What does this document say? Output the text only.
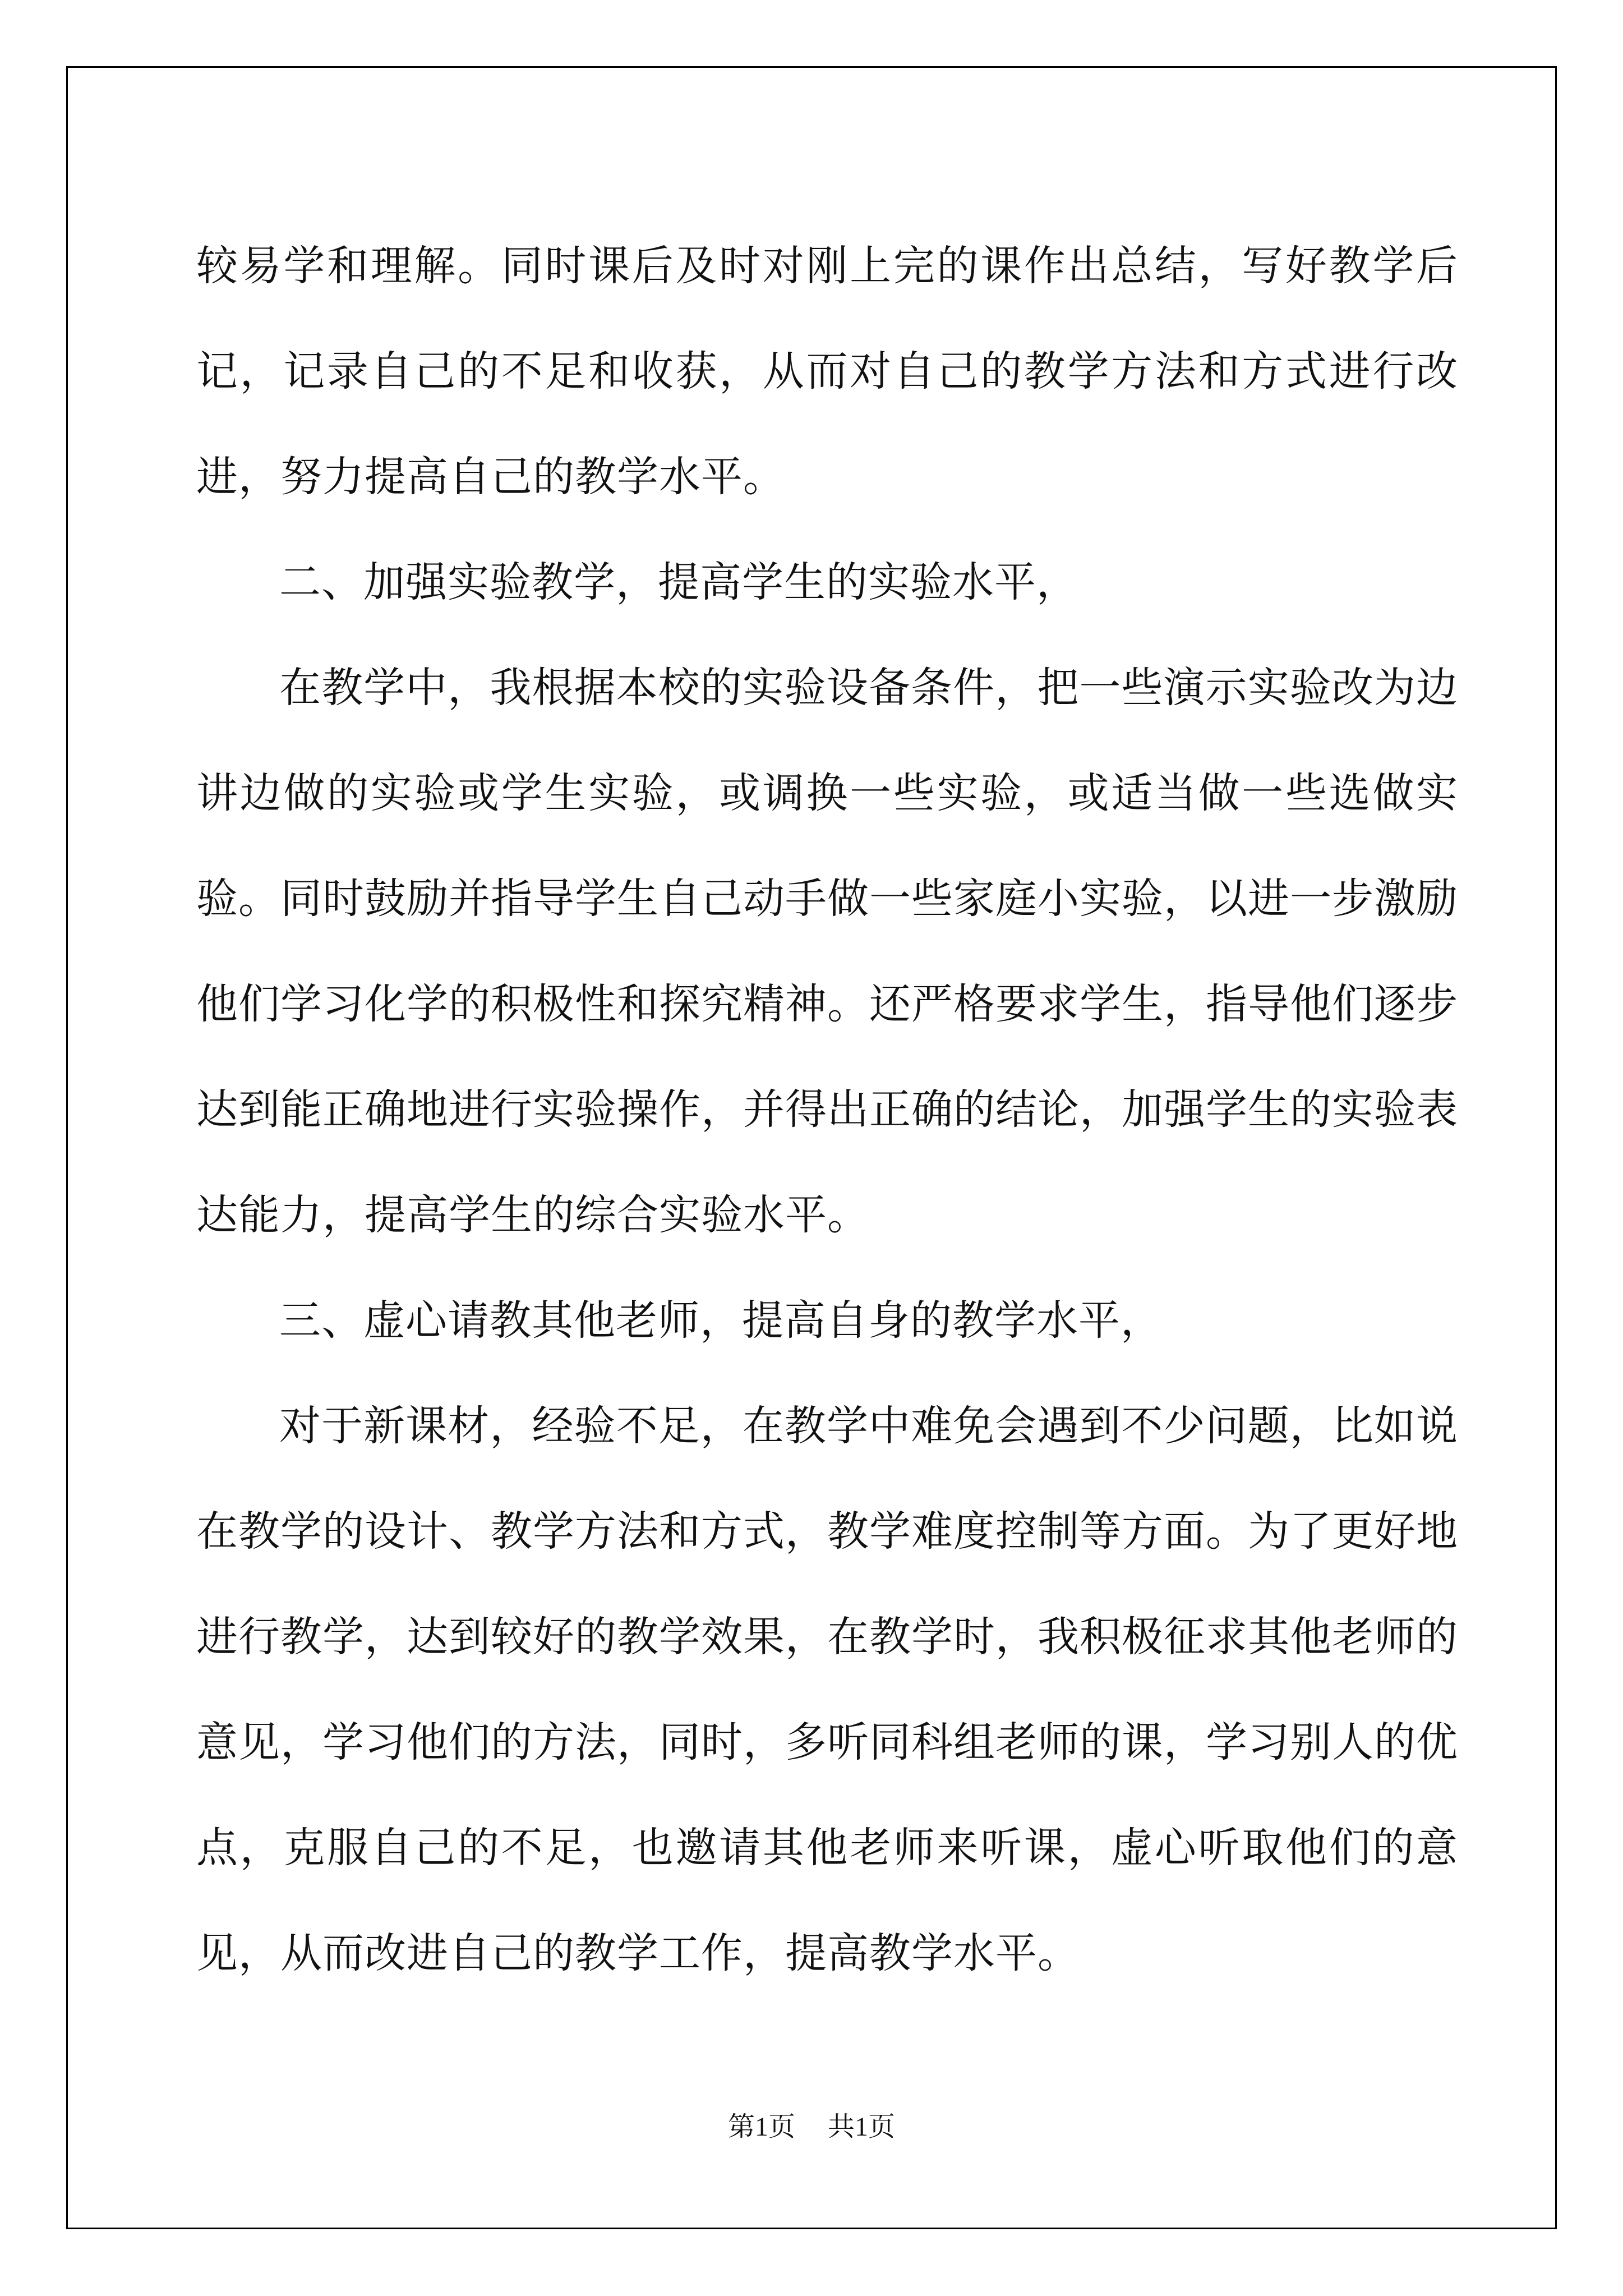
较易学和理解。同时课后及时对刚上完的课作出总结，写好教学后记，记录自己的不足和收获，从而对自己的教学方法和方式进行改进，努力提高自己的教学水平。

二、加强实验教学，提高学生的实验水平，

在教学中，我根据本校的实验设备条件，把一些演示实验改为边讲边做的实验或学生实验，或调换一些实验，或适当做一些选做实验。同时鼓励并指导学生自己动手做一些家庭小实验，以进一步激励他们学习化学的积极性和探究精神。还严格要求学生，指导他们逐步达到能正确地进行实验操作，并得出正确的结论，加强学生的实验表达能力，提高学生的综合实验水平。

三、虚心请教其他老师，提高自身的教学水平，

对于新课材，经验不足，在教学中难免会遇到不少问题，比如说在教学的设计、教学方法和方式，教学难度控制等方面。为了更好地进行教学，达到较好的教学效果，在教学时，我积极征求其他老师的意见，学习他们的方法，同时，多听同科组老师的课，学习别人的优点，克服自己的不足，也邀请其他老师来听课，虚心听取他们的意见，从而改进自己的教学工作，提高教学水平。

第1页 共1页
